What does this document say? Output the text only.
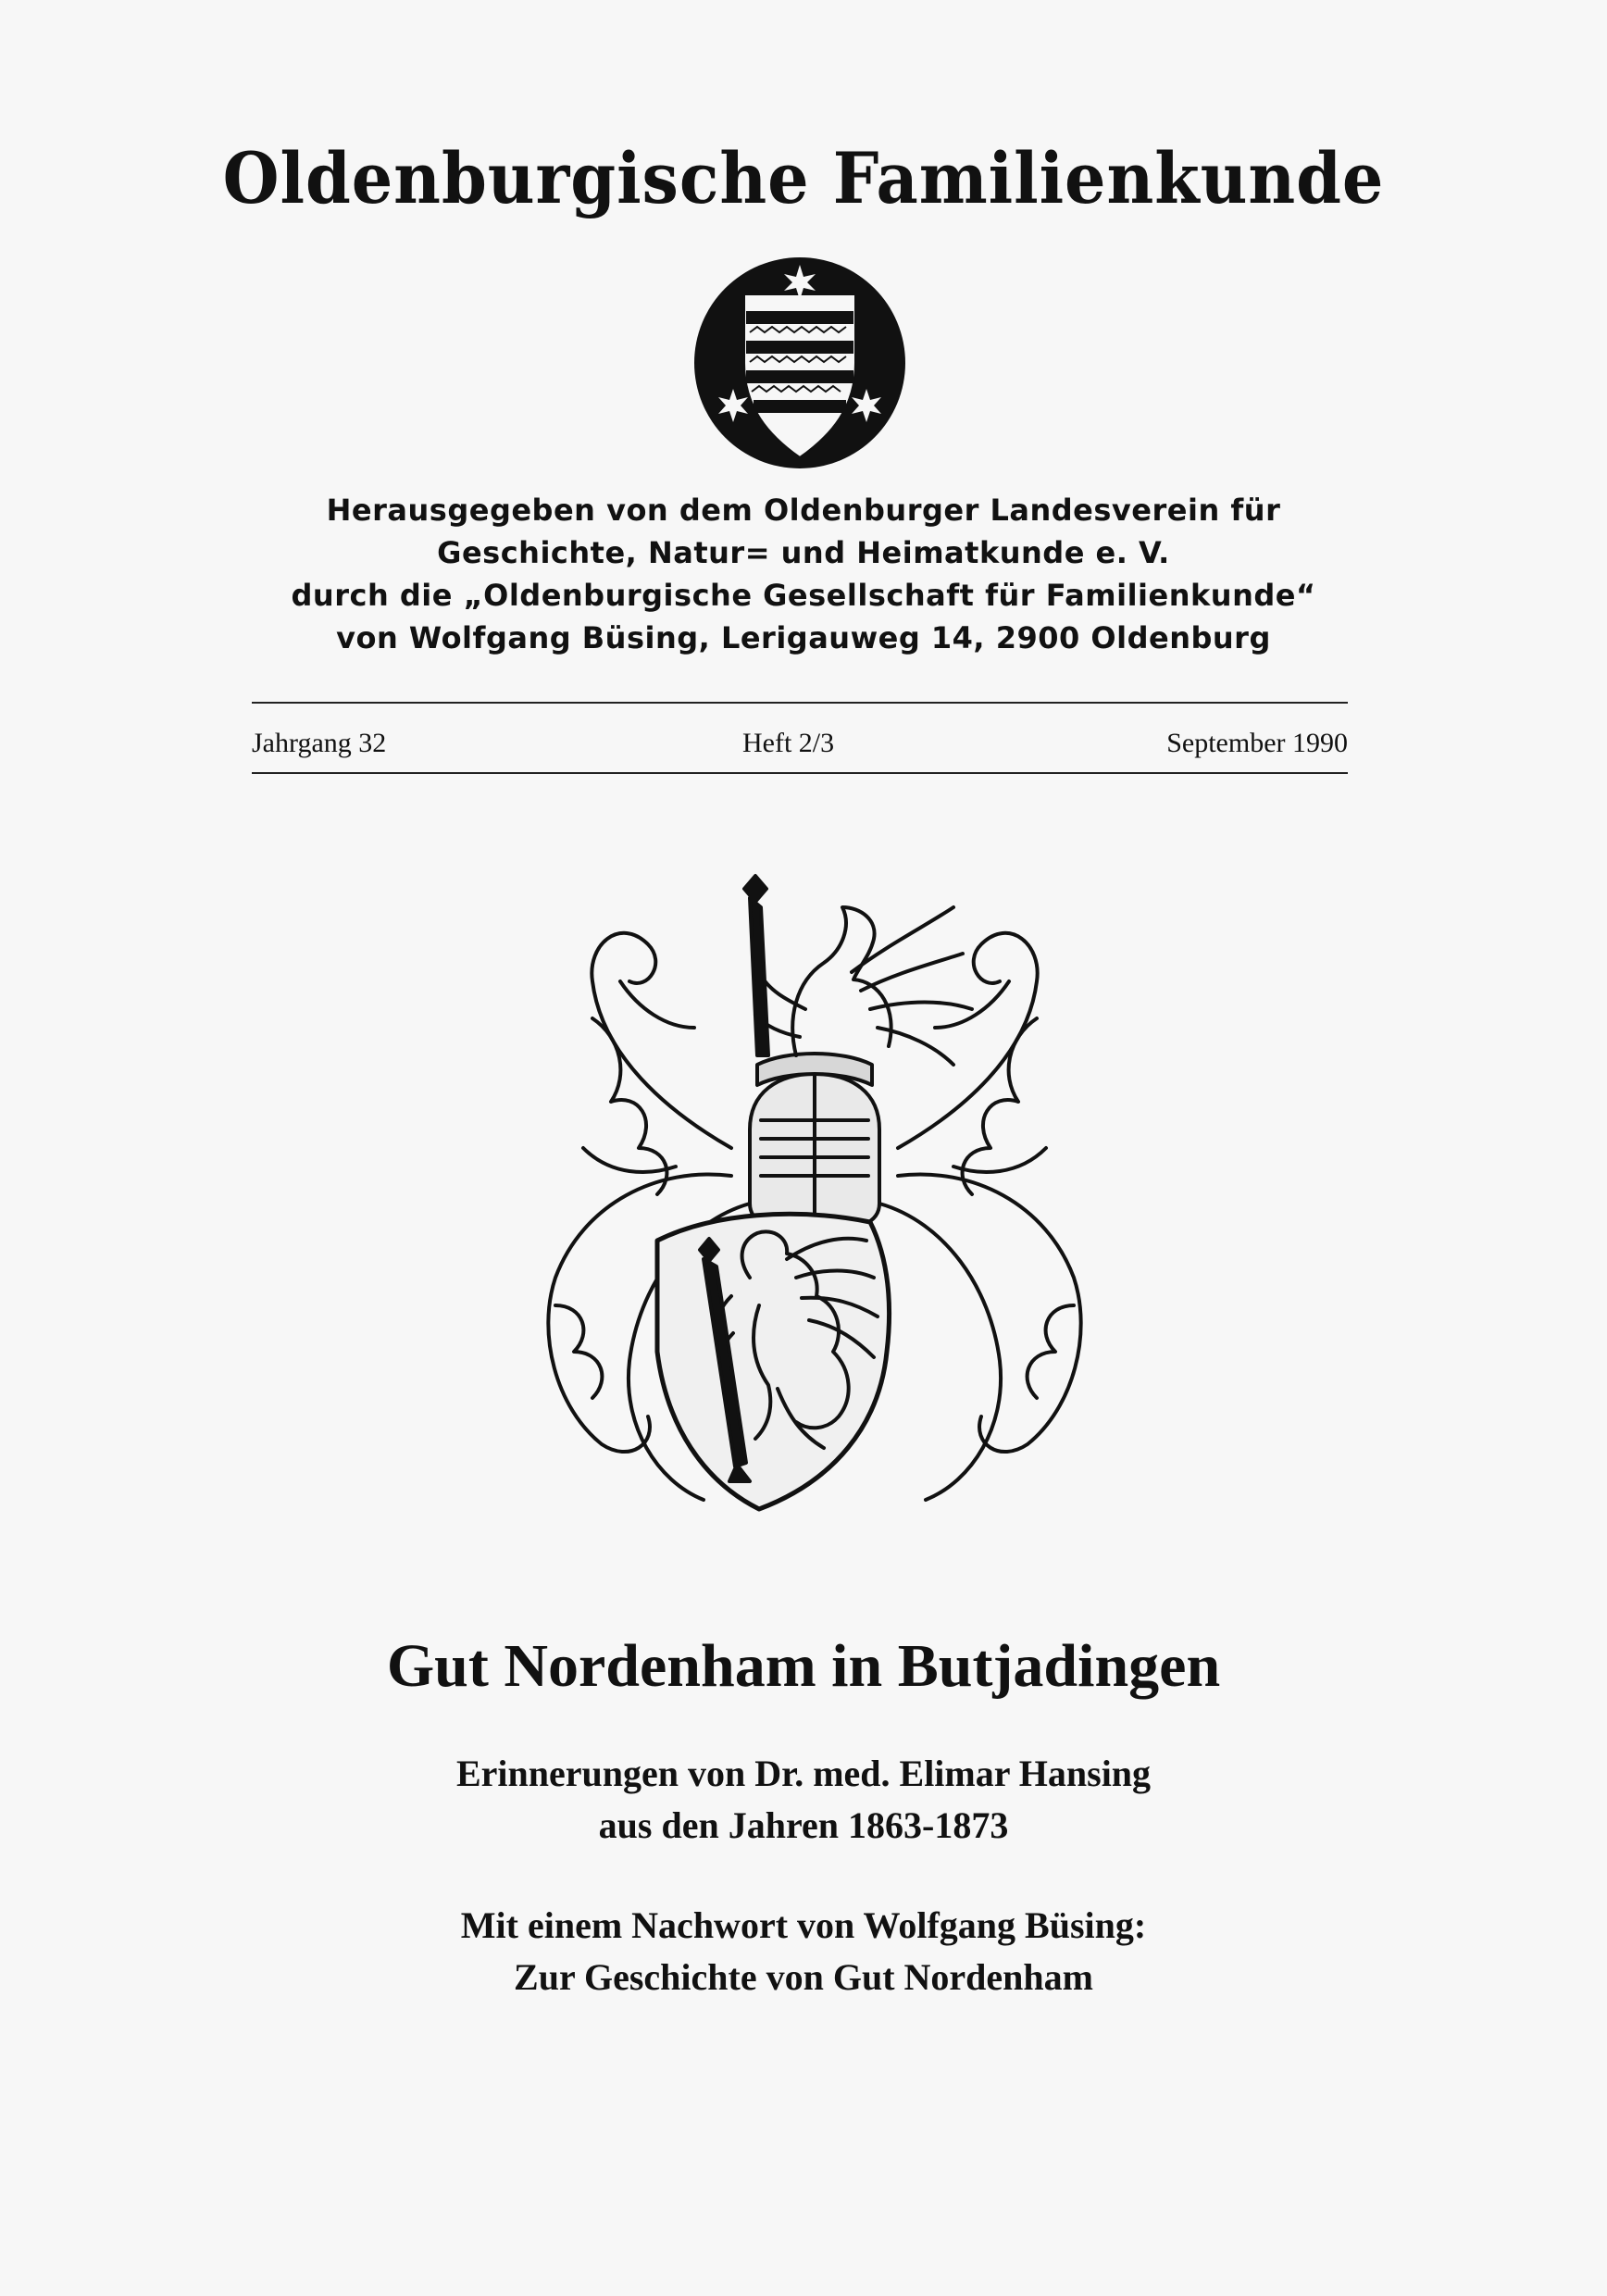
Oldenburgische Familienkunde
Herausgegeben von dem Oldenburger Landesverein für
Geschichte, Natur= und Heimatkunde e. V.
durch die „Oldenburgische Gesellschaft für Familienkunde“
von Wolfgang Büsing, Lerigauweg 14, 2900 Oldenburg
Jahrgang 32	Heft 2/3	September 1990
Gut Nordenham in Butjadingen
Erinnerungen von Dr. med. Elimar Hansing
aus den Jahren 1863-1873
Mit einem Nachwort von Wolfgang Büsing:
Zur Geschichte von Gut Nordenham
